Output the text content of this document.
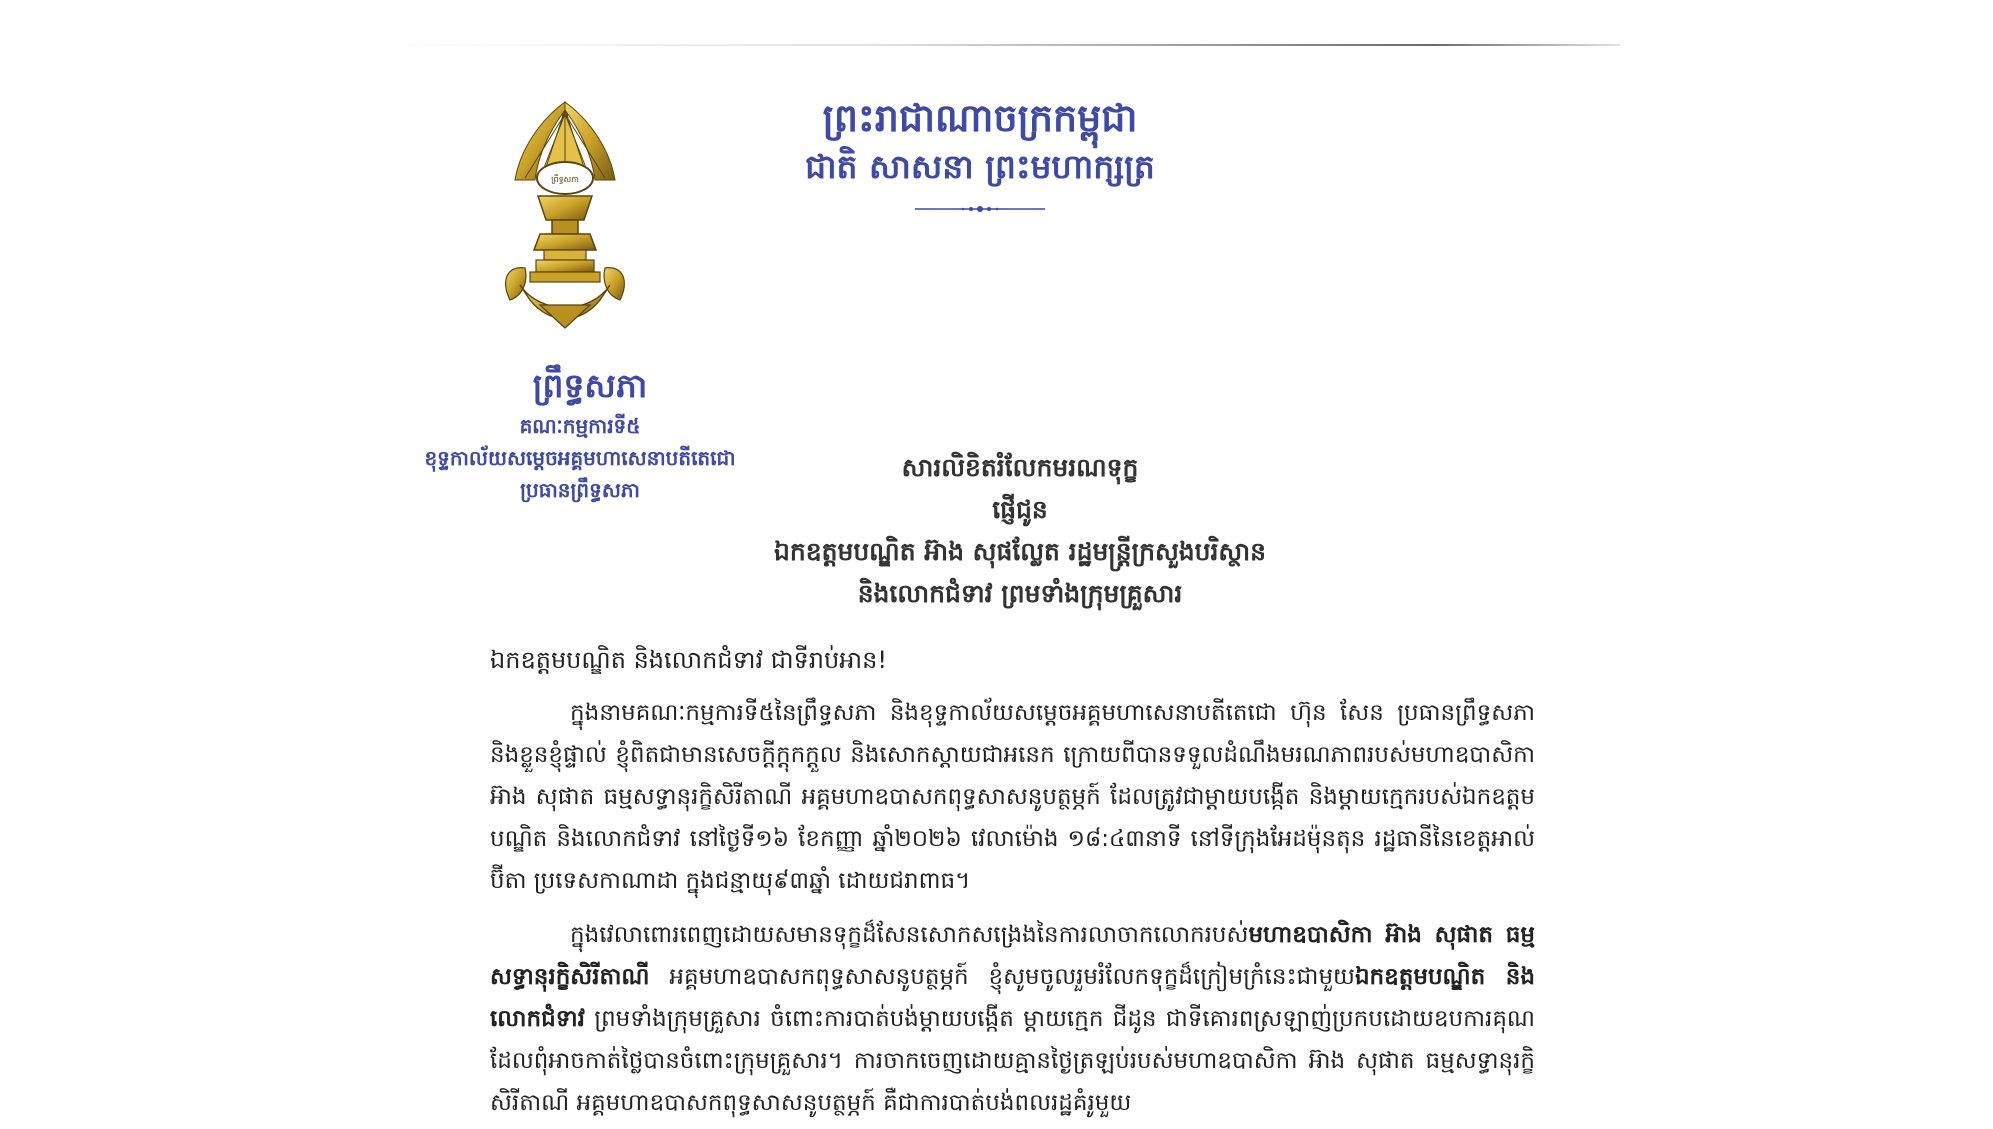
ព្រឹទ្ធសភា
ព្រះរាជាណាចក្រកម្ពុជា
ជាតិ សាសនា ព្រះមហាក្សត្រ
ព្រឹទ្ធសភា
គណៈកម្មការទី៥
ខុទ្ទកាល័យសម្តេចអគ្គមហាសេនាបតីតេជោ
ប្រធានព្រឹទ្ធសភា
សារលិខិតរំលែកមរណទុក្ខ
ផ្ញើជូន
ឯកឧត្តមបណ្ឌិត អ៊ាង សុផល្លែត រដ្ឋមន្ត្រីក្រសួងបរិស្ថាន
និងលោកជំទាវ ព្រមទាំងក្រុមគ្រួសារ
ឯកឧត្តមបណ្ឌិត និងលោកជំទាវ ជាទីរាប់អាន!

ក្នុងនាមគណៈកម្មការទី៥នៃព្រឹទ្ធសភា និងខុទ្ទកាល័យសម្តេចអគ្គមហាសេនាបតីតេជោ ហ៊ុន សែន ប្រធានព្រឹទ្ធសភា និងខ្លួនខ្ញុំផ្ទាល់ ខ្ញុំពិតជាមានសេចក្តីក្តុកក្តួល និងសោកស្តាយជាអនេក ក្រោយពីបានទទួលដំណឹងមរណភាពរបស់មហាឧបាសិកា អ៊ាង សុផាត ធម្មសទ្ធានុរក្ខិសិរីតាណី អគ្គមហាឧបាសកពុទ្ធសាសនូបត្ថម្ភក៍ ដែលត្រូវជាម្តាយបង្កើត និងម្តាយក្មេករបស់ឯកឧត្តមបណ្ឌិត និងលោកជំទាវ នៅថ្ងៃទី១៦ ខែកញ្ញា ឆ្នាំ២០២៦ វេលាម៉ោង ១៨:៤៣នាទី នៅទីក្រុងអែដម៉ុនតុន រដ្ឋធានីនៃខេត្តអាល់ប៊ីតា ប្រទេសកាណាដា ក្នុងជន្មាយុ៩៣ឆ្នាំ ដោយជរាពាធ។

ក្នុងវេលាពោរពេញដោយសមានទុក្ខដ៏សែនសោកសង្រេងនៃការលាចាកលោករបស់មហាឧបាសិកា អ៊ាង សុផាត ធម្មសទ្ធានុរក្ខិសិរីតាណី អគ្គមហាឧបាសកពុទ្ធសាសនូបត្ថម្ភក៍ ខ្ញុំសូមចូលរួមរំលែកទុក្ខដ៏ក្រៀមក្រំនេះជាមួយឯកឧត្តមបណ្ឌិត និងលោកជំទាវ ព្រមទាំងក្រុមគ្រួសារ ចំពោះការបាត់បង់ម្តាយបង្កើត ម្តាយក្មេក ជីដូន ជាទីគោរពស្រឡាញ់ប្រកបដោយឧបការគុណ ដែលពុំអាចកាត់ថ្លៃបានចំពោះក្រុមគ្រួសារ។ ការចាកចេញដោយគ្មានថ្ងៃត្រឡប់របស់មហាឧបាសិកា អ៊ាង សុផាត ធម្មសទ្ធានុរក្ខិសិរីតាណី អគ្គមហាឧបាសកពុទ្ធសាសនូបត្ថម្ភក៍ គឺជាការបាត់បង់ពលរដ្ឋគំរូមួយ
